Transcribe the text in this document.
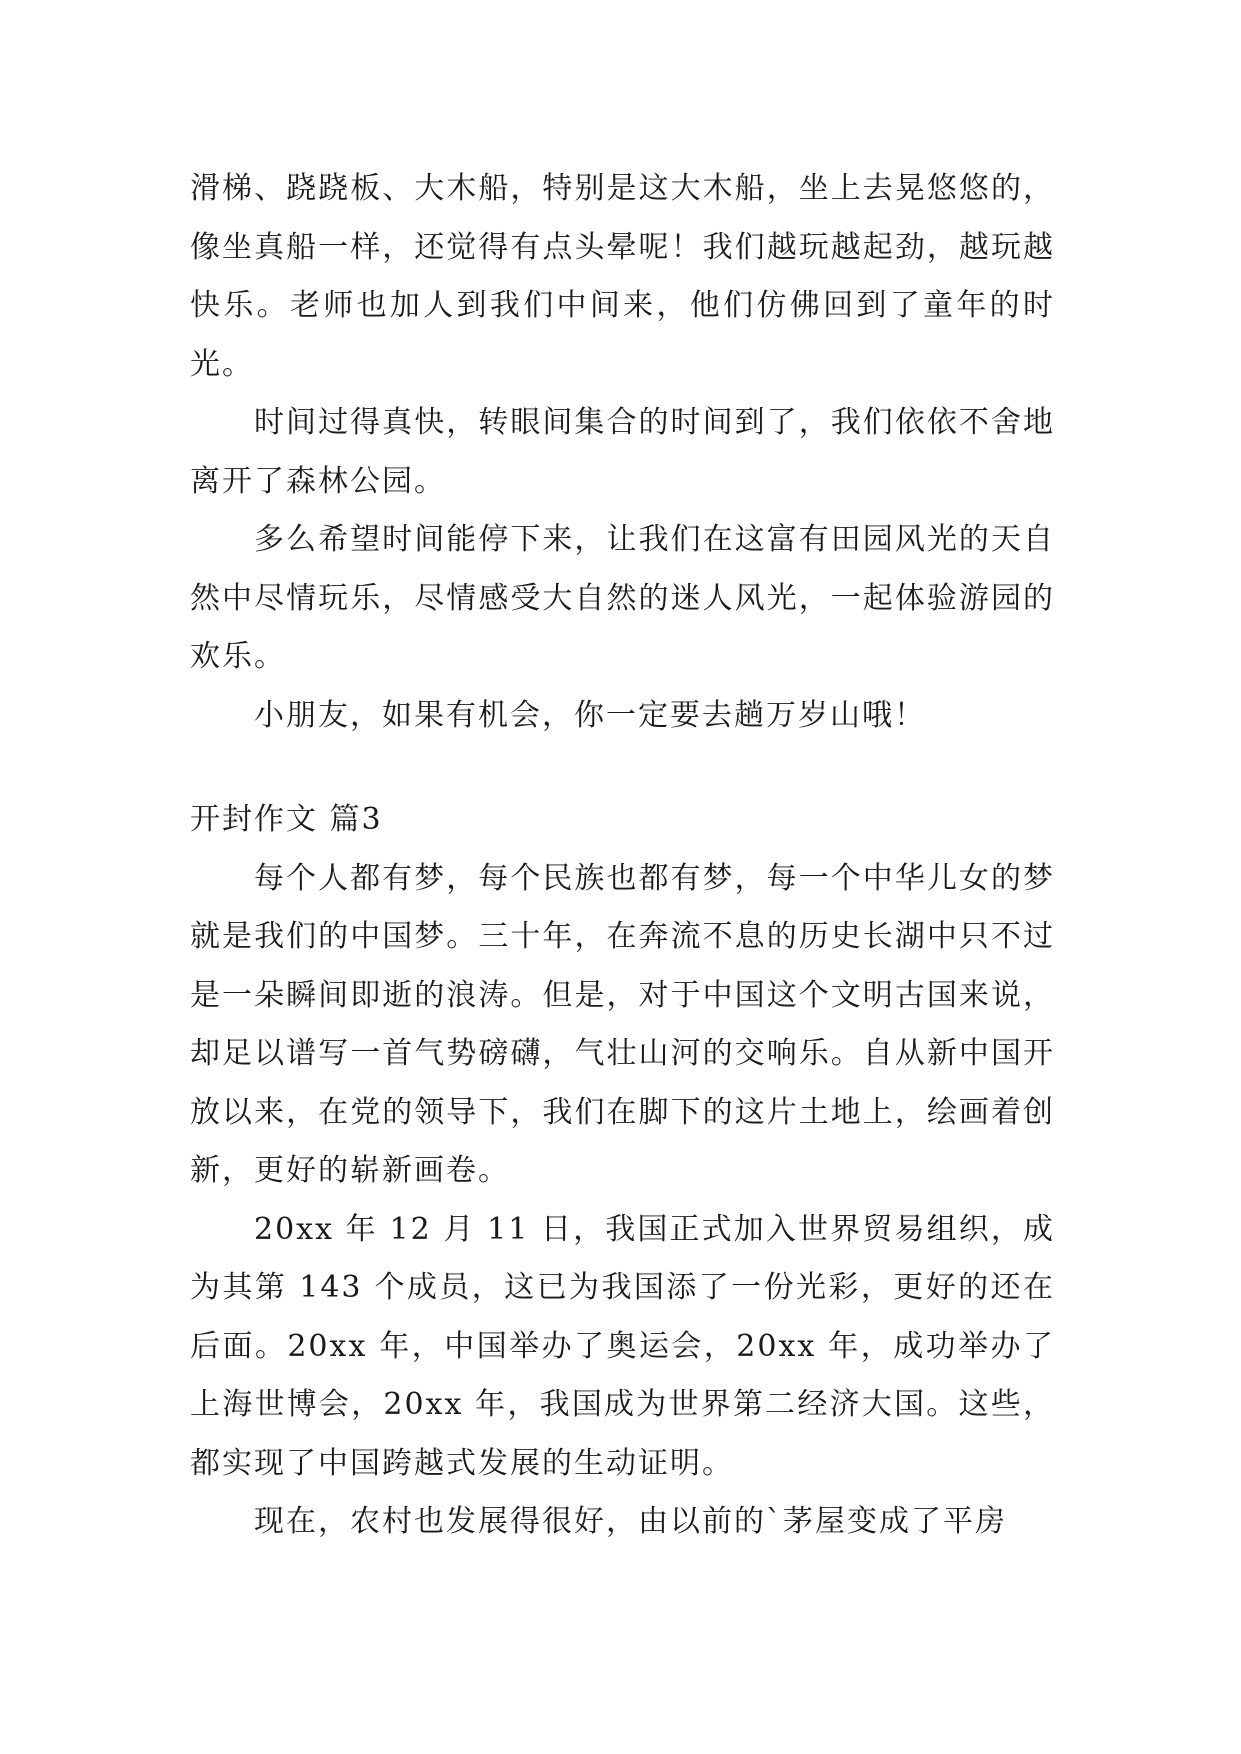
滑梯、跷跷板、大木船，特别是这大木船，坐上去晃悠悠的，像坐真船一样，还觉得有点头晕呢！我们越玩越起劲，越玩越快乐。老师也加人到我们中间来，他们仿佛回到了童年的时光。

时间过得真快，转眼间集合的时间到了，我们依依不舍地离开了森林公园。

多么希望时间能停下来，让我们在这富有田园风光的天自然中尽情玩乐，尽情感受大自然的迷人风光，一起体验游园的欢乐。

小朋友，如果有机会，你一定要去趟万岁山哦！

开封作文 篇3

每个人都有梦，每个民族也都有梦，每一个中华儿女的梦就是我们的中国梦。三十年，在奔流不息的历史长湖中只不过是一朵瞬间即逝的浪涛。但是，对于中国这个文明古国来说，却足以谱写一首气势磅礴，气壮山河的交响乐。自从新中国开放以来，在党的领导下，我们在脚下的这片土地上，绘画着创新，更好的崭新画卷。

20xx 年 12 月 11 日，我国正式加入世界贸易组织，成为其第 143 个成员，这已为我国添了一份光彩，更好的还在后面。20xx 年，中国举办了奥运会，20xx 年，成功举办了上海世博会，20xx 年，我国成为世界第二经济大国。这些，都实现了中国跨越式发展的生动证明。

现在，农村也发展得很好，由以前的`茅屋变成了平房
